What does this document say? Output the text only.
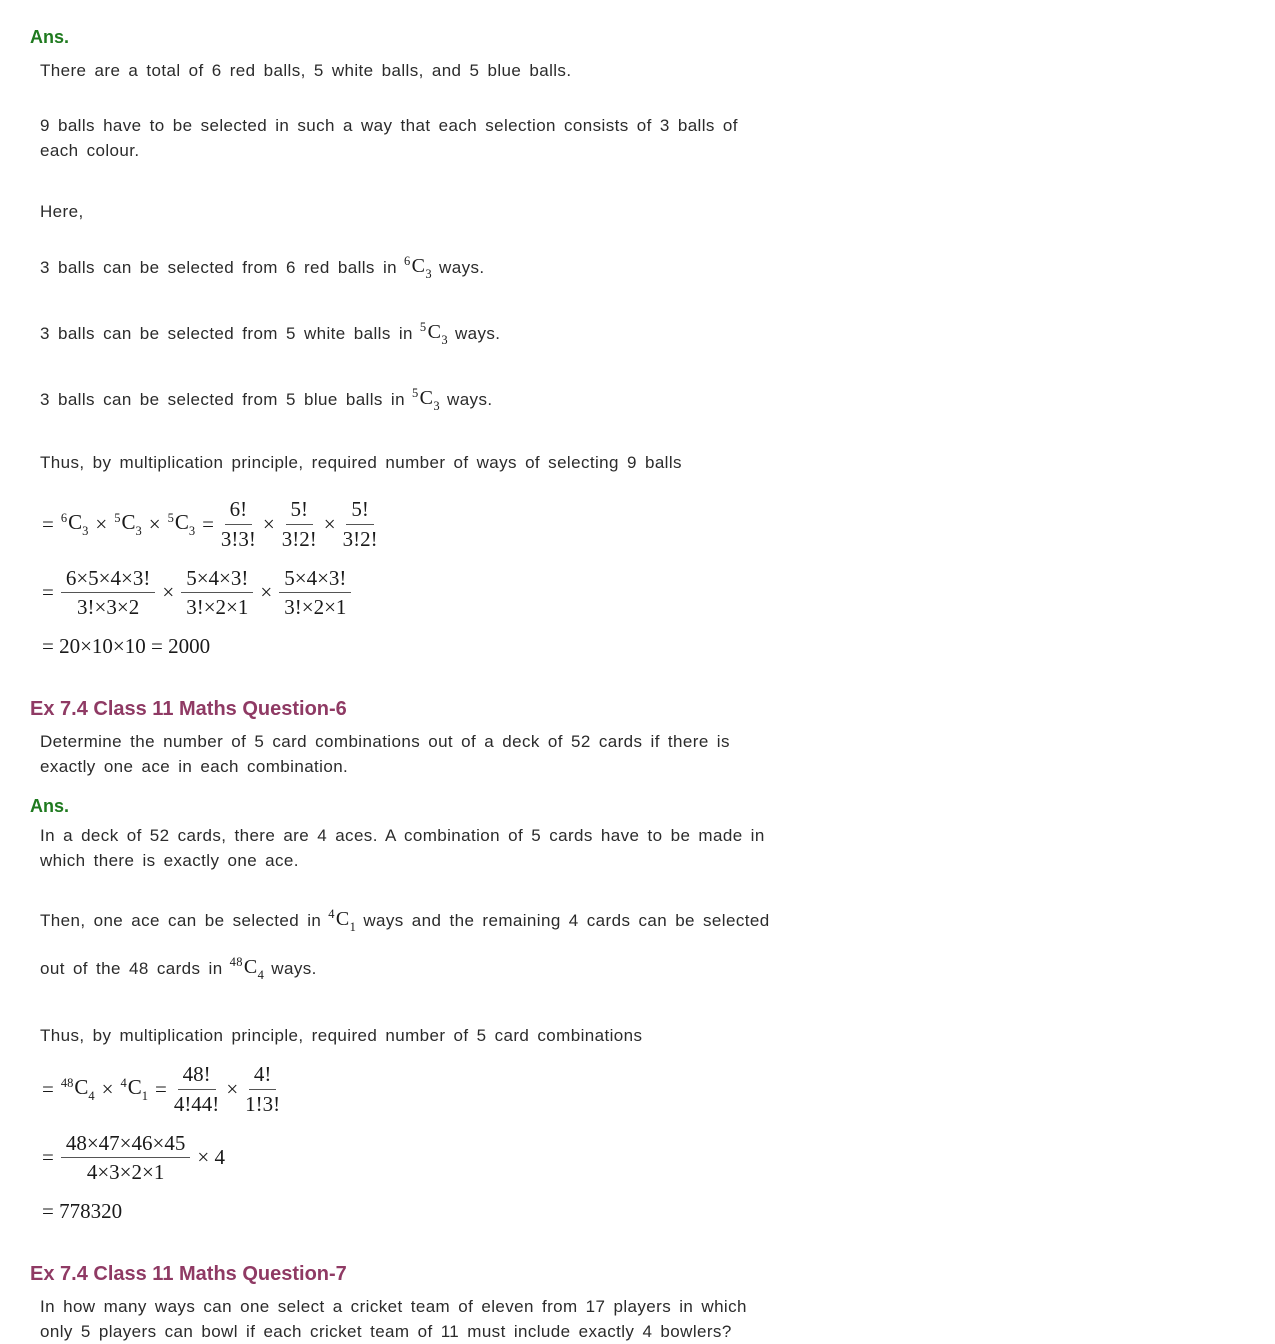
Ans.
There are a total of 6 red balls, 5 white balls, and 5 blue balls.
9 balls have to be selected in such a way that each selection consists of 3 balls of
each colour.
Here,
3 balls can be selected from 6 red balls in $^6C_3$ ways.
3 balls can be selected from 5 white balls in $^5C_3$ ways.
3 balls can be selected from 5 blue balls in $^5C_3$ ways.
Thus, by multiplication principle, required number of ways of selecting 9 balls
= $^6C_3 \times ^5C_3 \times ^5C_3 = \frac{6!}{3!3!} \times \frac{5!}{3!2!} \times \frac{5!}{3!2!}$
= $\frac{6\times 5\times 4\times 3!}{3!\times 3\times 2} \times \frac{5\times 4\times 3!}{3!\times 2\times 1} \times \frac{5\times 4\times 3!}{3!\times 2\times 1}$
= 20×10×10 = 2000
Ex 7.4 Class 11 Maths Question-6
Determine the number of 5 card combinations out of a deck of 52 cards if there is
exactly one ace in each combination.
Ans.
In a deck of 52 cards, there are 4 aces. A combination of 5 cards have to be made in
which there is exactly one ace.
Then, one ace can be selected in $^4C_1$ ways and the remaining 4 cards can be selected
out of the 48 cards in $^{48}C_4$ ways.
Thus, by multiplication principle, required number of 5 card combinations
= $^{48}C_4 \times ^4C_1 = \frac{48!}{4!44!} \times \frac{4!}{1!3!}$
= $\frac{48\times 47\times 46\times 45}{4\times 3\times 2\times 1} \times 4$
= 778320
Ex 7.4 Class 11 Maths Question-7
In how many ways can one select a cricket team of eleven from 17 players in which
only 5 players can bowl if each cricket team of 11 must include exactly 4 bowlers?
